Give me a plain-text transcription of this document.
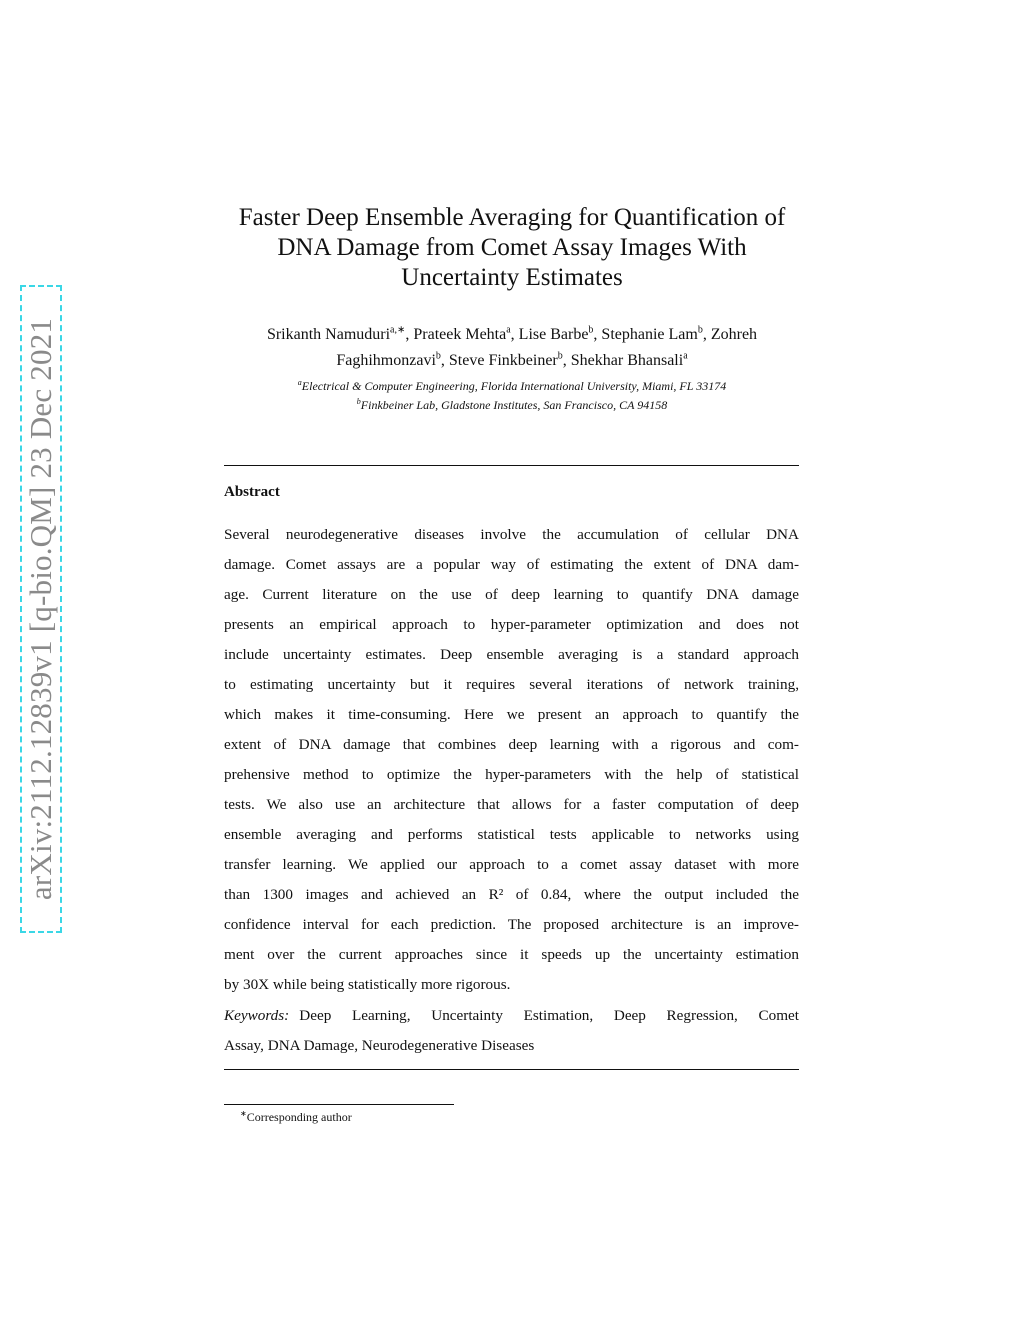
arXiv:2112.12839v1 [q-bio.QM] 23 Dec 2021
Faster Deep Ensemble Averaging for Quantification of
DNA Damage from Comet Assay Images With
Uncertainty Estimates

Srikanth Namuduri$^{a,∗}$, Prateek Mehta$^a$, Lise Barbe$^b$, Stephanie Lam$^b$, Zohreh Faghihmonzavi$^b$, Steve Finkbeiner$^b$, Shekhar Bhansali$^a$

$^a$Electrical & Computer Engineering, Florida International University, Miami, FL 33174
$^b$Finkbeiner Lab, Gladstone Institutes, San Francisco, CA 94158
Abstract

Several neurodegenerative diseases involve the accumulation of cellular DNA
damage. Comet assays are a popular way of estimating the extent of DNA dam-
age. Current literature on the use of deep learning to quantify DNA damage
presents an empirical approach to hyper-parameter optimization and does not
include uncertainty estimates. Deep ensemble averaging is a standard approach
to estimating uncertainty but it requires several iterations of network training,
which makes it time-consuming. Here we present an approach to quantify the
extent of DNA damage that combines deep learning with a rigorous and com-
prehensive method to optimize the hyper-parameters with the help of statistical
tests. We also use an architecture that allows for a faster computation of deep
ensemble averaging and performs statistical tests applicable to networks using
transfer learning. We applied our approach to a comet assay dataset with more
than 1300 images and achieved an R² of 0.84, where the output included the
confidence interval for each prediction. The proposed architecture is an improve-
ment over the current approaches since it speeds up the uncertainty estimation
by 30X while being statistically more rigorous.

Keywords: Deep Learning, Uncertainty Estimation, Deep Regression, Comet
Assay, DNA Damage, Neurodegenerative Diseases

∗Corresponding author
